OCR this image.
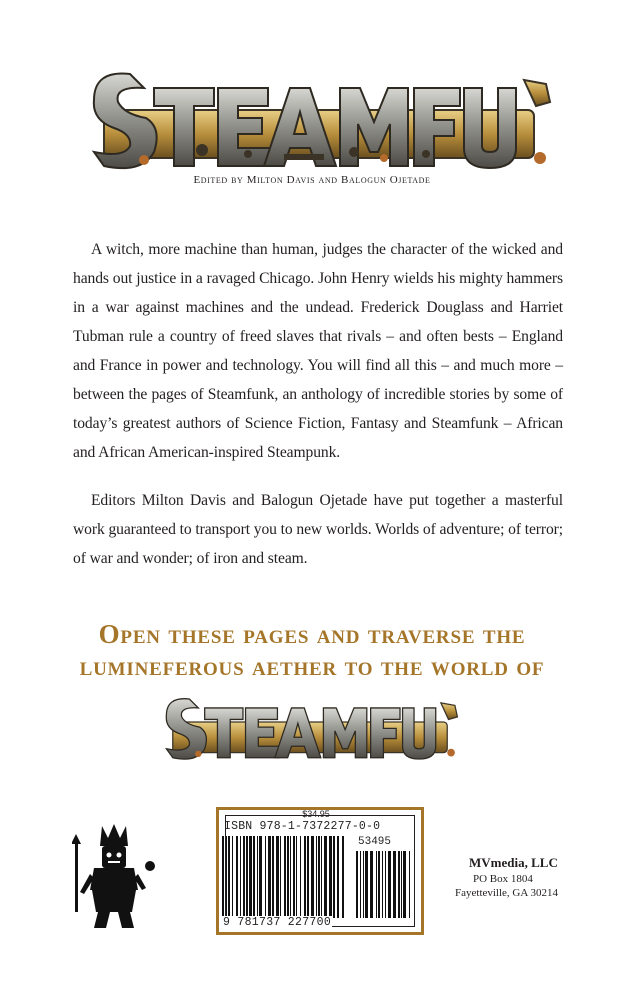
Edited by Milton Davis and Balogun Ojetade

A witch, more machine than human, judges the character of the wicked and hands out justice in a ravaged Chicago. John Henry wields his mighty hammers in a war against machines and the undead. Frederick Douglass and Harriet Tubman rule a country of freed slaves that rivals – and often bests – England and France in power and technology. You will find all this – and much more – between the pages of Steamfunk, an anthology of incredible stories by some of today’s greatest authors of Science Fiction, Fantasy and Steamfunk – African and African American-inspired Steampunk.

Editors Milton Davis and Balogun Ojetade have put together a masterful work guaranteed to transport you to new worlds. Worlds of adventure; of terror; of war and wonder; of iron and steam.

Open these pages and traverse the
lumineferous aether to the world of
$34.95
ISBN 978-1-7372277-0-0
53495
9 781737 227700
MVmedia, LLC
PO Box 1804
Fayetteville, GA 30214
